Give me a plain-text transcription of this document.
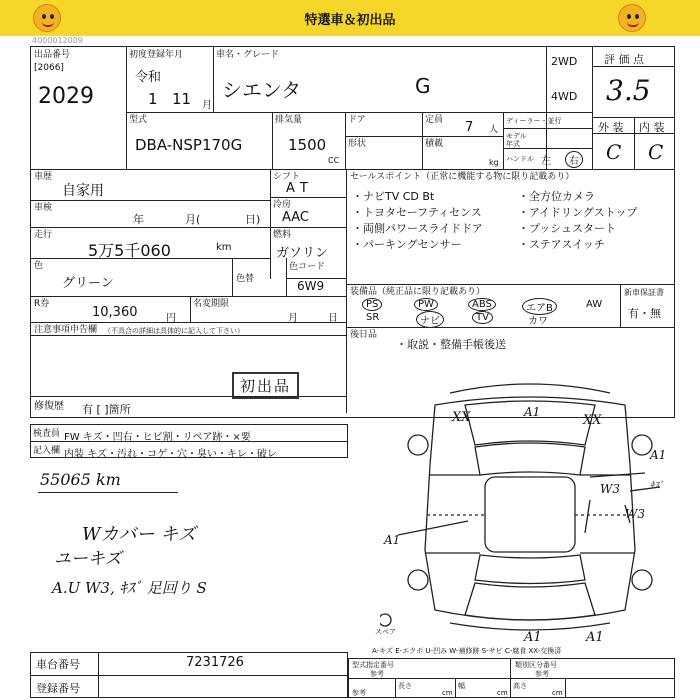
特選車＆初出品
4000012009
出品番号
[2066]
2029
初度登録年月
令和
1 11 月
車名・グレード
シエンタ	G
2WD
4WD
評 価 点
3.5
外 装 内 装
C C
型式
DBA-NSP170G
排気量
1500
CC
ドア
形状
定員 7 人
積載
kg
ディーラー・並行
モデル年式
ハンドル 左	右
車歴
自家用
車検
年	月(	日)
走行
5万5千060	km
シフト
AT
冷房
AAC
燃料
ガソリン
色
グリーン	色替
色コード
6W9
R券
10,360	円
名変期限
月	日
注意事項申告欄 （不具合の詳細は具体的に記入して下さい）
初出品
修復歴 有 [ ]箇所
セールスポイント（正常に機能する物に限り記載あり）
・ナビTV CD Bt	・全方位カメラ
・トヨタセーフティセンス	・アイドリングストップ
・両側パワースライドドア	・プッシュスタート
・パーキングセンサー	・ステアスイッチ
装備品（純正品に限り記載あり）
PS	PW	ABS	エアB	AW
SR	ナビ	TV	カワ
新車保証書
有・無
後日品
・取説・整備手帳後送
検査員 FW キズ・凹右・ヒビ割・リペア跡・×要
記入欄 内装 キズ・汚れ・コゲ・穴・臭い・キレ・破レ
55065 km
Wカバー キズ
ユーキズ
A.U W3, ｷｽﾞ 足回り S
XX	A1
XX
A1
W3	ｷｽﾞ
W3
A1
A1	A1
スペア
A-キズ E-エクボ U-凹み W-補修跡 S-サビ C-腐食 XX-交換済
車台番号	7231726
登録番号
型式指定番号
参考
類別区分番号
参考
参考
長さ
cm
幅
cm
高さ
cm
